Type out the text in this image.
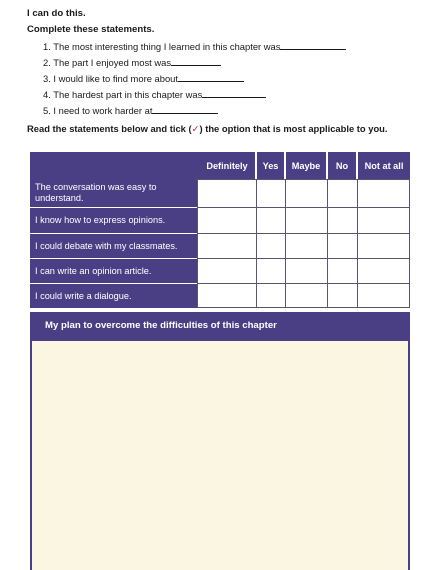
I can do this.
Complete these statements.
1. The most interesting thing I learned in this chapter was
2. The part I enjoyed most was
3. I would like to find more about
4. The hardest part in this chapter was
5. I need to work harder at
Read the statements below and tick (✓) the option that is most applicable to you.
Definitely	Yes	Maybe	No	Not at all
The conversation was easy to understand.
I know how to express opinions.
I could debate with my classmates.
I can write an opinion article.
I could write a dialogue.
My plan to overcome the difficulties of this chapter
